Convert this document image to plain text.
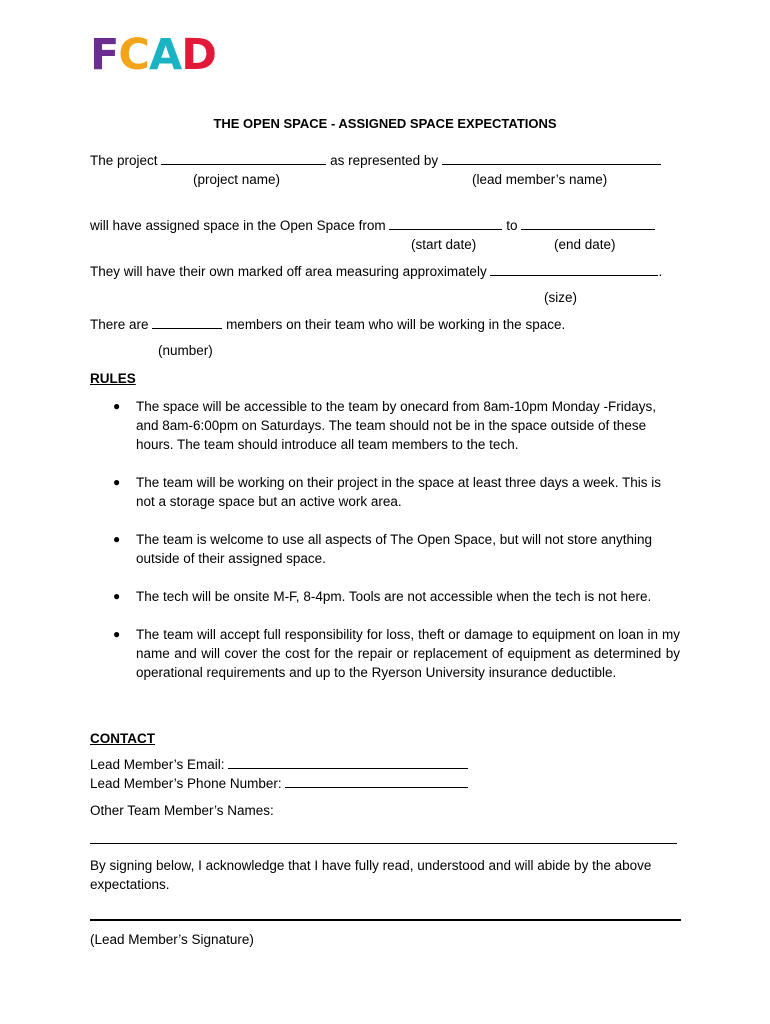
FCAD
THE OPEN SPACE - ASSIGNED SPACE EXPECTATIONS
The project	as represented by
(project name)	(lead member’s name)
will have assigned space in the Open Space from	to
(start date)	(end date)
They will have their own marked off area measuring approximately	.
(size)
There are	members on their team who will be working in the space.
(number)
RULES
● The space will be accessible to the team by onecard from 8am-10pm Monday -Fridays, and 8am-6:00pm on Saturdays. The team should not be in the space outside of these hours. The team should introduce all team members to the tech.
● The team will be working on their project in the space at least three days a week. This is not a storage space but an active work area.
● The team is welcome to use all aspects of The Open Space, but will not store anything outside of their assigned space.
● The tech will be onsite M-F, 8-4pm. Tools are not accessible when the tech is not here.
● The team will accept full responsibility for loss, theft or damage to equipment on loan in my name and will cover the cost for the repair or replacement of equipment as determined by operational requirements and up to the Ryerson University insurance deductible.
CONTACT
Lead Member’s Email:
Lead Member’s Phone Number:
Other Team Member’s Names:
By signing below, I acknowledge that I have fully read, understood and will abide by the above expectations.
(Lead Member’s Signature)
